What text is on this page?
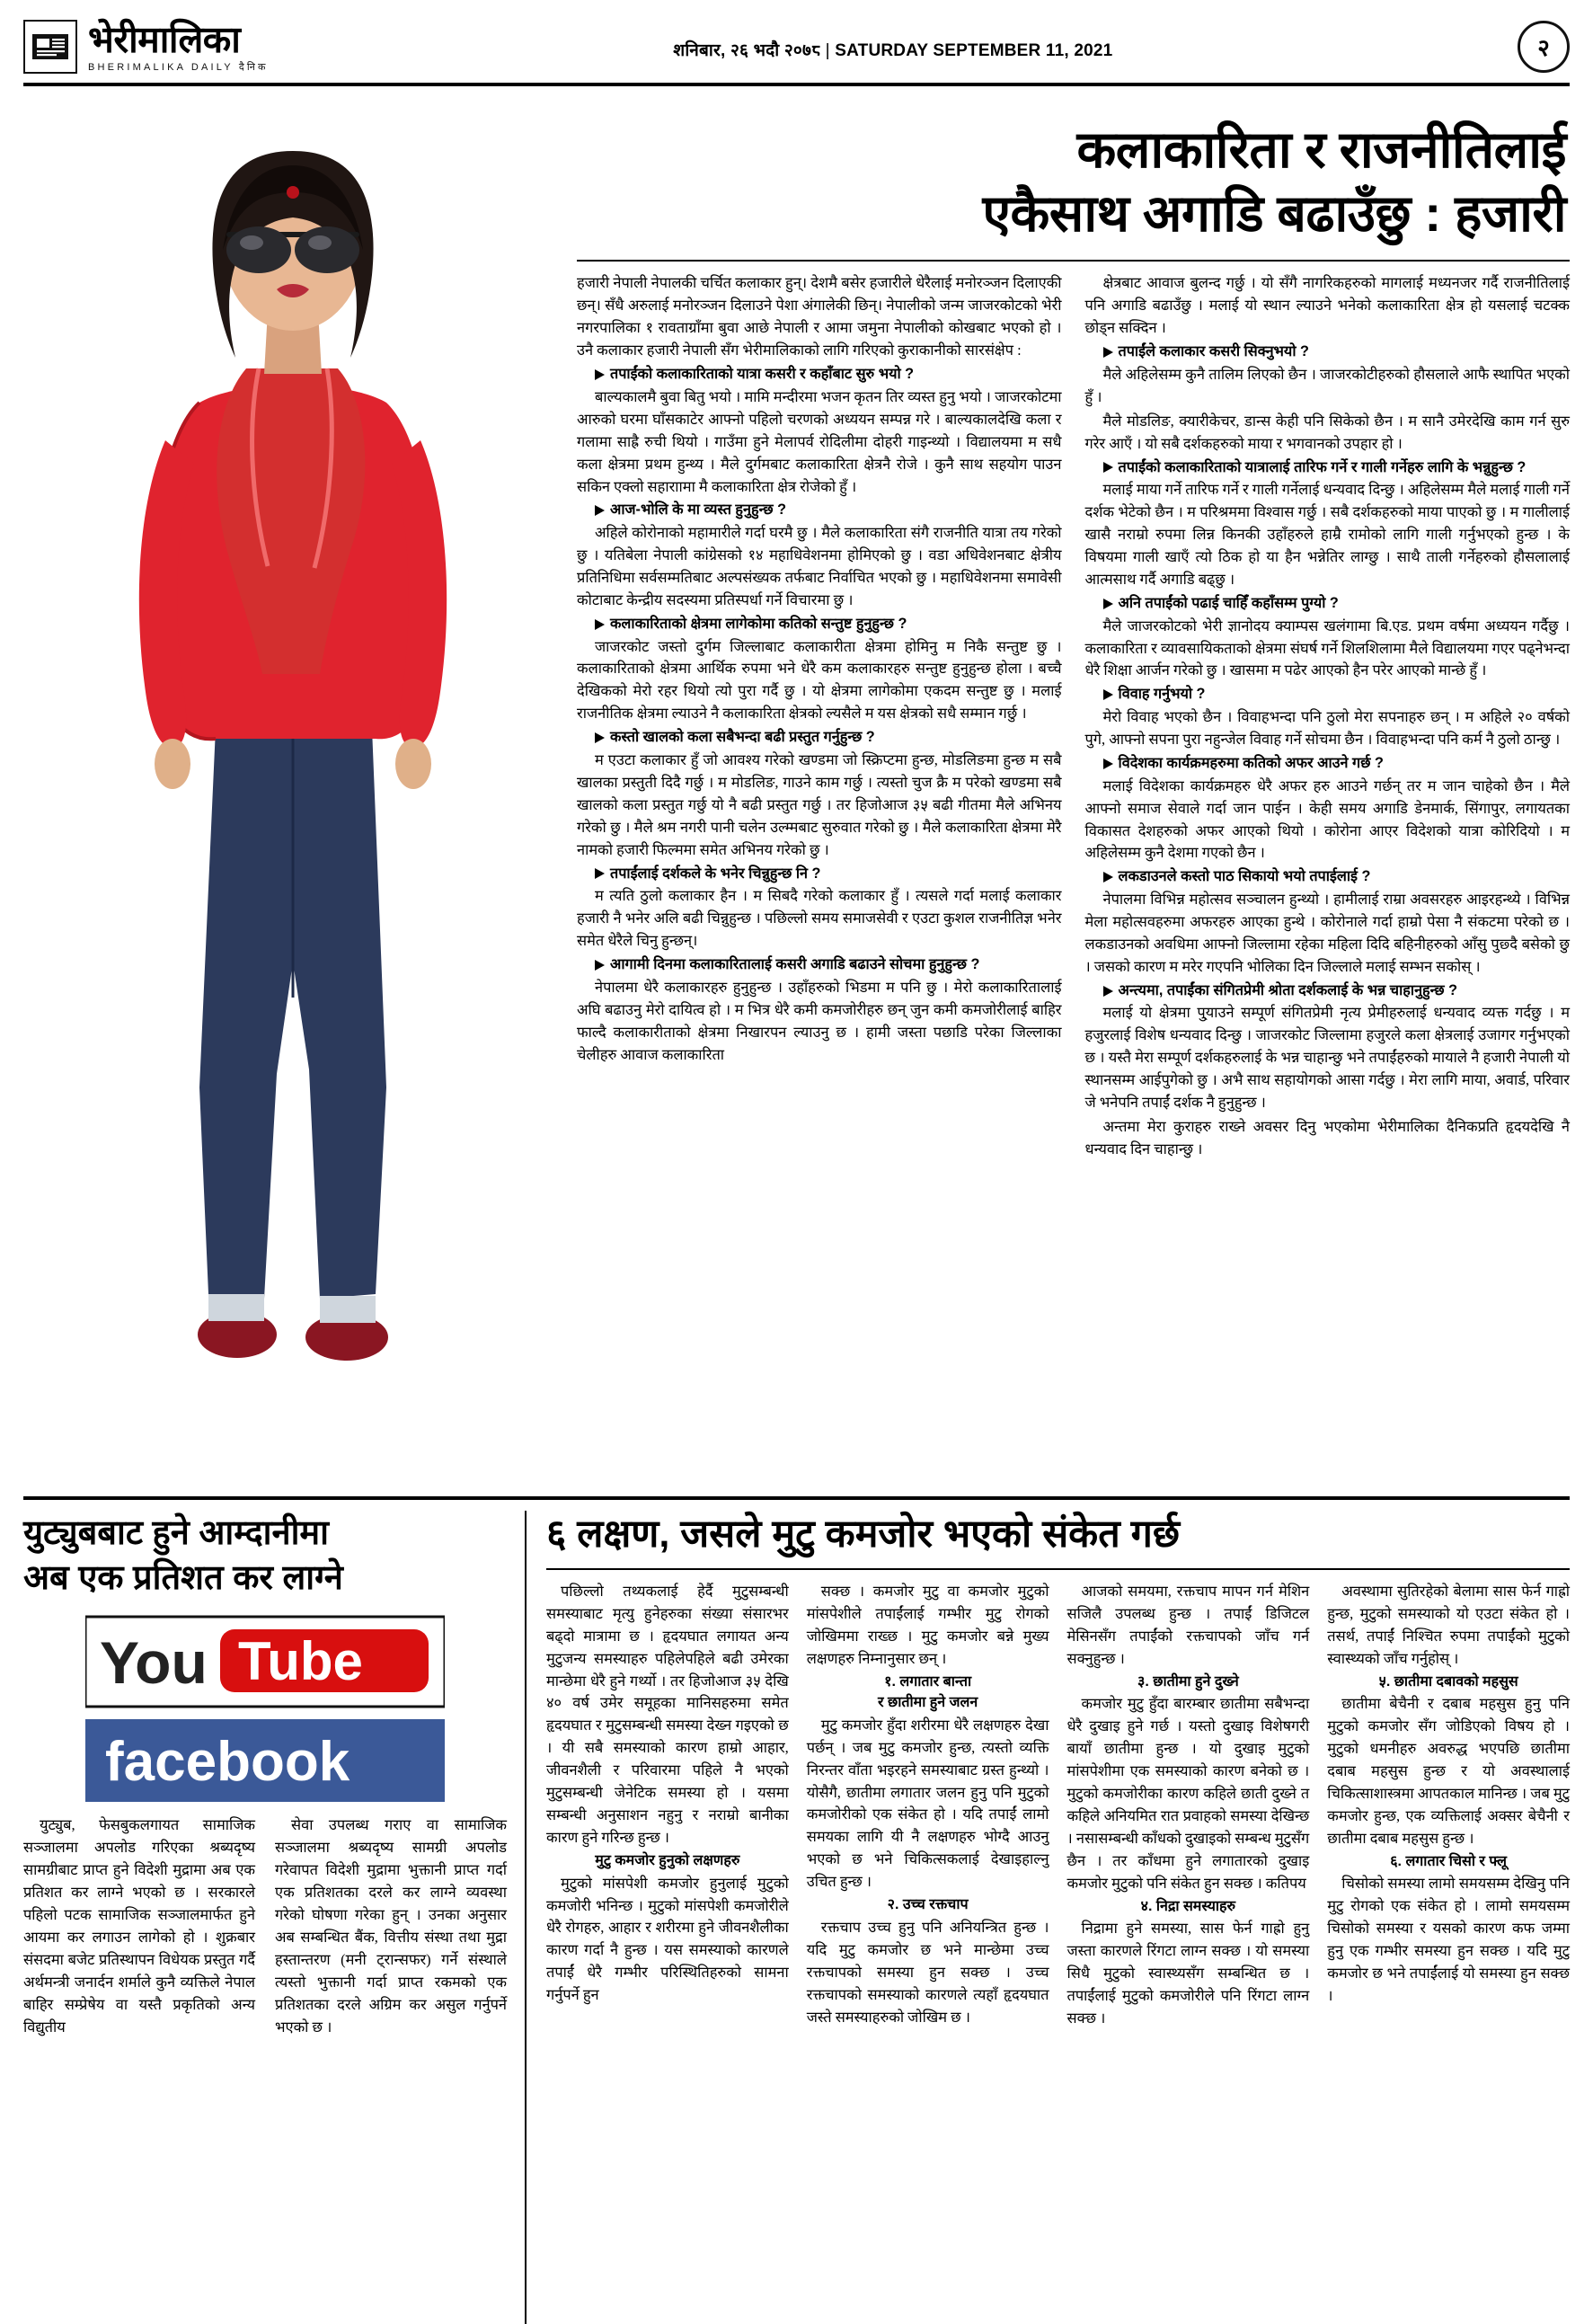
भेरीमालिका
BHERIMALIKA DAILY दैनिक
शनिबार, २६ भदौ २०७८ | SATURDAY SEPTEMBER 11, 2021	२
कलाकारिता र राजनीतिलाई
एकैसाथ अगाडि बढाउँछु : हजारी

हजारी नेपाली नेपालकी चर्चित कलाकार हुन्। देशमै बसेर हजारीले धेरैलाई मनोरञ्जन दिलाएकी छन्। सँधै अरुलाई मनोरञ्जन दिलाउने पेशा अंगालेकी छिन्। नेपालीको जन्म जाजरकोटको भेरी नगरपालिका १ रावताग्राँमा बुवा आछे नेपाली र आमा जमुना नेपालीको कोखबाट भएको हो । उनै कलाकार हजारी नेपाली सँग भेरीमालिकाको लागि गरिएको कुराकानीको सारसंक्षेप :

तपाईंको कलाकारिताको यात्रा कसरी र कहाँबाट सुरु भयो ?

बाल्यकालमै बुवा बितु भयो । मामि मन्दीरमा भजन कृतन तिर व्यस्त हुनु भयो । जाजरकोटमा आरुको घरमा घाँसकाटेर आफ्नो पहिलो चरणको अध्ययन सम्पन्न गरे । बाल्यकालदेखि कला र गलामा साह्रै रुची थियो । गाउँमा हुने मेलापर्व रोदिलीमा दोहरी गाइन्थ्यो । विद्यालयमा म सधै कला क्षेत्रमा प्रथम हुन्थ्य । मैले दुर्गमबाट कलाकारिता क्षेत्रनै रोजे । कुनै साथ सहयोग पाउन सकिन एक्लो सहाराामा मै कलाकारिता क्षेत्र रोजेको हुँ ।

आज-भोलि के मा व्यस्त हुनुहुन्छ ?

अहिले कोरोनाको महामारीले गर्दा घरमै छु । मैले कलाकारिता संगै राजनीति यात्रा तय गरेको छु । यतिबेला नेपाली कांग्रेसको १४ महाधिवेशनमा होमिएको छु । वडा अधिवेशनबाट क्षेत्रीय प्रतिनिधिमा सर्वसम्मतिबाट अल्पसंख्यक तर्फबाट निर्वाचित भएको छु । महाधिवेशनमा समावेसी कोटाबाट केन्द्रीय सदस्यमा प्रतिस्पर्धा गर्ने विचारमा छु ।

कलाकारिताको क्षेत्रमा लागेकोमा कतिको सन्तुष्ट हुनुहुन्छ ?

जाजरकोट जस्तो दुर्गम जिल्लाबाट कलाकारीता क्षेत्रमा होमिनु म निकै सन्तुष्ट छु । कलाकारिताको क्षेत्रमा आर्थिक रुपमा भने धेरै कम कलाकारहरु सन्तुष्ट हुनुहुन्छ होला । बच्चै देखिकको मेरो रहर थियो त्यो पुरा गर्दै छु । यो क्षेत्रमा लागेकोमा एकदम सन्तुष्ट छु । मलाई राजनीतिक क्षेत्रमा ल्याउने नै कलाकारिता क्षेत्रको ल्यसैले म यस क्षेत्रको सधै सम्मान गर्छु ।

कस्तो खालको कला सबैभन्दा बढी प्रस्तुत गर्नुहुन्छ ?

म एउटा कलाकार हुँ जो आवश्य गरेको खण्डमा जो स्क्रिप्टमा हुन्छ, मोडलिङमा हुन्छ म सबै खालका प्रस्तुती दिदै गर्छु । म मोडलिङ, गाउने काम गर्छु । त्यस्तो चुज क्रै म परेको खण्डमा सबै खालको कला प्रस्तुत गर्छु यो नै बढी प्रस्तुत गर्छु । तर हिजोआज ३५ बढी गीतमा मैले अभिनय गरेको छु । मैले श्रम नगरी पानी चलेन उल्म्मबाट सुरुवात गरेको छु । मैले कलाकारिता क्षेत्रमा मेरै नामको हजारी फिल्ममा समेत अभिनय गरेको छु ।

तपाईंलाई दर्शकले के भनेर चिन्नुहुन्छ नि ?

म त्यति ठुलो कलाकार हैन । म सिबदै गरेको कलाकार हुँ । त्यसले गर्दा मलाई कलाकार हजारी नै भनेर अलि बढी चिन्नुहुन्छ । पछिल्लो समय समाजसेवी र एउटा कुशल राजनीतिज्ञ भनेर समेत धेरैले चिनु हुन्छन्।

आगामी दिनमा कलाकारितालाई कसरी अगाडि बढाउने सोचमा हुनुहुन्छ ?

नेपालमा धेरै कलाकारहरु हुनुहुन्छ । उहाँहरुको भिडमा म पनि छु । मेरो कलाकारितालाई अघि बढाउनु मेरो दायित्व हो । म भित्र धेरै कमी कमजोरीहरु छन् जुन कमी कमजोरीलाई बाहिर फाल्दै कलाकारीताको क्षेत्रमा निखारपन ल्याउनु छ । हामी जस्ता पछाडि परेका जिल्लाका चेलीहरु आवाज कलाकारिता

क्षेत्रबाट आवाज बुलन्द गर्छु । यो सँगै नागरिकहरुको मागलाई मध्यनजर गर्दै राजनीतिलाई पनि अगाडि बढाउँछु । मलाई यो स्थान ल्याउने भनेको कलाकारिता क्षेत्र हो यसलाई चटक्क छोड्न सक्दिन ।

तपाईंले कलाकार कसरी सिक्नुभयो ?

मैले अहिलेसम्म कुनै तालिम लिएको छैन । जाजरकोटीहरुको हौसलाले आफै स्थापित भएको हुँ ।

मैले मोडलिङ, क्यारीकेचर, डान्स केही पनि सिकेको छैन । म सानै उमेरदेखि काम गर्न सुरु गरेर आएँ । यो सबै दर्शकहरुको माया र भगवानको उपहार हो ।

तपाईंको कलाकारिताको यात्रालाई तारिफ गर्ने र गाली गर्नेहरु लागि के भन्नुहुन्छ ?

मलाई माया गर्ने तारिफ गर्ने र गाली गर्नेलाई धन्यवाद दिन्छु । अहिलेसम्म मैले मलाई गाली गर्ने दर्शक भेटेको छैन । म परिश्रममा विश्वास गर्छु । सबै दर्शकहरुको माया पाएको छु । म गालीलाई खासै नराम्रो रुपमा लिन्न किनकी उहाँहरुले हाम्रै रामोको लागि गाली गर्नुभएको हुन्छ । के विषयमा गाली खाएँ त्यो ठिक हो या हैन भन्नेतिर लाग्छु । साथै ताली गर्नेहरुको हौसलालाई आत्मसाथ गर्दै अगाडि बढ्छु ।

अनि तपाईंको पढाई चाहिँ कहाँसम्म पुग्यो ?

मैले जाजरकोटको भेरी ज्ञानोदय क्याम्पस खलंगामा बि.एड. प्रथम वर्षमा अध्ययन गर्दैछु । कलाकारिता र व्यावसायिकताको क्षेत्रमा संघर्ष गर्ने शिलशिलामा मैले विद्यालयमा गएर पढ्नेभन्दा धेरै शिक्षा आर्जन गरेको छु । खासमा म पढेर आएको हैन परेर आएको मान्छे हुँ ।

विवाह गर्नुभयो ?

मेरो विवाह भएको छैन । विवाहभन्दा पनि ठुलो मेरा सपनाहरु छन् । म अहिले २० वर्षको पुगे, आफ्नो सपना पुरा नहुन्जेल विवाह गर्ने सोचमा छैन । विवाहभन्दा पनि कर्म नै ठुलो ठान्छु ।

विदेशका कार्यक्रमहरुमा कतिको अफर आउने गर्छ ?

मलाई विदेशका कार्यक्रमहरु धेरै अफर हरु आउने गर्छन् तर म जान चाहेको छैन । मैले आफ्नो समाज सेवाले गर्दा जान पाईन । केही समय अगाडि डेनमार्क, सिंगापुर, लगायतका विकासत देशहरुको अफर आएको थियो । कोरोना आएर विदेशको यात्रा कोरिदियो । म अहिलेसम्म कुनै देशमा गएको छैन ।

लकडाउनले कस्तो पाठ सिकायो भयो तपाईलाई ?

नेपालमा विभिन्न महोत्सव सञ्चालन हुन्थ्यो । हामीलाई राम्रा अवसरहरु आइरहन्थ्ये । विभिन्न मेला महोत्सवहरुमा अफरहरु आएका हुन्थे । कोरोनाले गर्दा हाम्रो पेसा नै संकटमा परेको छ । लकडाउनको अवधिमा आफ्नो जिल्लामा रहेका महिला दिदि बहिनीहरुको आँसु पुछ्दै बसेको छु । जसको कारण म मरेर गएपनि भोलिका दिन जिल्लाले मलाई सम्भन सकोस् ।

अन्त्यमा, तपाईंका संगितप्रेमी श्रोता दर्शकलाई के भन्न चाहानुहुन्छ ?

मलाई यो क्षेत्रमा पु्याउने सम्पूर्ण संगितप्रेमी नृत्य प्रेमीहरुलाई धन्यवाद व्यक्त गर्दछु । म हजुरलाई विशेष धन्यवाद दिन्छु । जाजरकोट जिल्लामा हजुरले कला क्षेत्रलाई उजागर गर्नुभएको छ । यस्तै मेरा सम्पूर्ण दर्शकहरुलाई के भन्न चाहान्छु भने तपाईंहरुको मायाले नै हजारी नेपाली यो स्थानसम्म आईपुगेको छु । अभै साथ सहायोगको आसा गर्दछु । मेरा लागि माया, अवार्ड, परिवार जे भनेपनि तपाईं दर्शक नै हुनुहुन्छ ।

अन्तमा मेरा कुराहरु राख्ने अवसर दिनु भएकोमा भेरीमालिका दैनिकप्रति हृदयदेखि नै धन्यवाद दिन चाहान्छु ।

युट्युबबाट हुने आम्दानीमा
अब एक प्रतिशत कर लाग्ने
You Tube
facebook

युट्युब, फेसबुकलगायत सामाजिक सञ्जालमा अपलोड गरिएका श्रब्यदृष्य सामग्रीबाट प्राप्त हुने विदेशी मुद्रामा अब एक प्रतिशत कर लाग्ने भएको छ । सरकारले पहिलो पटक सामाजिक सञ्जालमार्फत हुने आयमा कर लगाउन लागेको हो । शुक्रबार संसदमा बजेट प्रतिस्थापन विधेयक प्रस्तुत गर्दै अर्थमन्त्री जनार्दन शर्माले कुनै व्यक्तिले नेपाल बाहिर सम्प्रेषेय वा यस्तै प्रकृतिको अन्य विद्युतीय

सेवा उपलब्ध गराए वा सामाजिक सञ्जालमा श्रब्यदृष्य सामग्री अपलोड गरेवापत विदेशी मुद्रामा भुक्तानी प्राप्त गर्दा एक प्रतिशतका दरले कर लाग्ने व्यवस्था गरेको घोषणा गरेका हुन् । उनका अनुसार अब सम्बन्धित बैंक, वित्तीय संस्था तथा मुद्रा हस्तान्तरण (मनी ट्रान्सफर) गर्ने संस्थाले त्यस्तो भुक्तानी गर्दा प्राप्त रकमको एक प्रतिशतका दरले अग्रिम कर असुल गर्नुपर्ने भएको छ ।

६ लक्षण, जसले मुटु कमजोर भएको संकेत गर्छ

पछिल्लो तथ्यकलाई हेर्दै मुटुसम्बन्धी समस्याबाट मृत्यु हुनेहरुका संख्या संसारभर बढ्दो मात्रामा छ । हृदयघात लगायत अन्य मुटुजन्य समस्याहरु पहिलेपहिले बढी उमेरका मान्छेमा धेरै हुने गर्थ्यो । तर हिजोआज ३५ देखि ४० वर्ष उमेर समूहका मानिसहरुमा समेत हृदयघात र मुटुसम्बन्धी समस्या देख्न गइएको छ । यी सबै समस्याको कारण हाम्रो आहार, जीवनशैली र परिवारमा पहिले नै भएको मुटुसम्बन्धी जेनेटिक समस्या हो । यसमा सम्बन्धी अनुसाशन नहुनु र नराम्रो बानीका कारण हुने गरिन्छ हुन्छ ।

मुटु कमजोर हुनुको लक्षणहरु

मुटुको मांसपेशी कमजोर हुनुलाई मुटुको कमजोरी भनिन्छ । मुटुको मांसपेशी कमजोरीले धेरै रोगहरु, आहार र शरीरमा हुने जीवनशैलीका कारण गर्दा नै हुन्छ । यस समस्याको कारणले तपाईं धेरै गम्भीर परिस्थितिहरुको सामना गर्नुपर्ने हुन

सक्छ । कमजोर मुटु वा कमजोर मुटुको मांसपेशीले तपाईंलाई गम्भीर मुटु रोगको जोखिममा राख्छ । मुटु कमजोर बन्ने मुख्य लक्षणहरु निम्नानुसार छन् ।

१. लगातार बान्ता

र छातीमा हुने जलन

मुटु कमजोर हुँदा शरीरमा धेरै लक्षणहरु देखा पर्छन् । जब मुटु कमजोर हुन्छ, त्यस्तो व्यक्ति निरन्तर वाँता भइरहने समस्याबाट ग्रस्त हुन्थ्यो । योसैगै, छातीमा लगातार जलन हुनु पनि मुटुको कमजोरीको एक संकेत हो । यदि तपाईं लामो समयका लागि यी नै लक्षणहरु भोग्दै आउनु भएको छ भने चिकित्सकलाई देखाइहाल्नु उचित हुन्छ ।

२. उच्च रक्तचाप

रक्तचाप उच्च हुनु पनि अनियन्त्रित हुन्छ । यदि मुटु कमजोर छ भने मान्छेमा उच्च रक्तचापको समस्या हुन सक्छ । उच्च रक्तचापको समस्याको कारणले त्यहाँ हृदयघात जस्ते समस्याहरुको जोखिम छ ।

आजको समयमा, रक्तचाप मापन गर्न मेशिन सजिलै उपलब्ध हुन्छ । तपाईं डिजिटल मेसिनसँग तपाईंको रक्तचापको जाँच गर्न सक्नुहुन्छ ।

३. छातीमा हुने दुख्ने

कमजोर मुटु हुँदा बारम्बार छातीमा सबैभन्दा धेरै दुखाइ हुने गर्छ । यस्तो दुखाइ विशेषगरी बायाँ छातीमा हुन्छ । यो दुखाइ मुटुको मांसपेशीमा एक समस्याको कारण बनेको छ । मुटुको कमजोरीका कारण कहिले छाती दुख्ने त कहिले अनियमित रात प्रवाहको समस्या देखिन्छ । नसासम्बन्धी काँधको दुखाइको सम्बन्ध मुटुसँग छैन । तर काँधमा हुने लगातारको दुखाइ कमजोर मुटुको पनि संकेत हुन सक्छ । कतिपय

४. निद्रा समस्याहरु

निद्रामा हुने समस्या, सास फेर्न गाह्रो हुनु जस्ता कारणले रिंगटा लाग्न सक्छ । यो समस्या सिधै मुटुको स्वास्थ्यसँग सम्बन्धित छ । तपाईंलाई मुटुको कमजोरीले पनि रिंगटा लाग्न सक्छ ।

अवस्थामा सुतिरहेको बेलामा सास फेर्न गाह्रो हुन्छ, मुटुको समस्याको यो एउटा संकेत हो । तसर्थ, तपाईं निश्चित रुपमा तपाईंको मुटुको स्वास्थ्यको जाँच गर्नुहोस् ।

५. छातीमा दबावको महसुस

छातीमा बेचैनी र दबाब महसुस हुनु पनि मुटुको कमजोर सँग जोडिएको विषय हो । मुटुको धमनीहरु अवरुद्ध भएपछि छातीमा दबाब महसुस हुन्छ र यो अवस्थालाई चिकित्साशास्त्रमा आपतकाल मानिन्छ । जब मुटु कमजोर हुन्छ, एक व्यक्तिलाई अक्सर बेचैनी र छातीमा दबाब महसुस हुन्छ ।

६. लगातार चिसो र फ्लू

चिसोको समस्या लामो समयसम्म देखिनु पनि मुटु रोगको एक संकेत हो । लामो समयसम्म चिसोको समस्या र यसको कारण कफ जम्मा हुनु एक गम्भीर समस्या हुन सक्छ । यदि मुटु कमजोर छ भने तपाईंलाई यो समस्या हुन सक्छ ।
